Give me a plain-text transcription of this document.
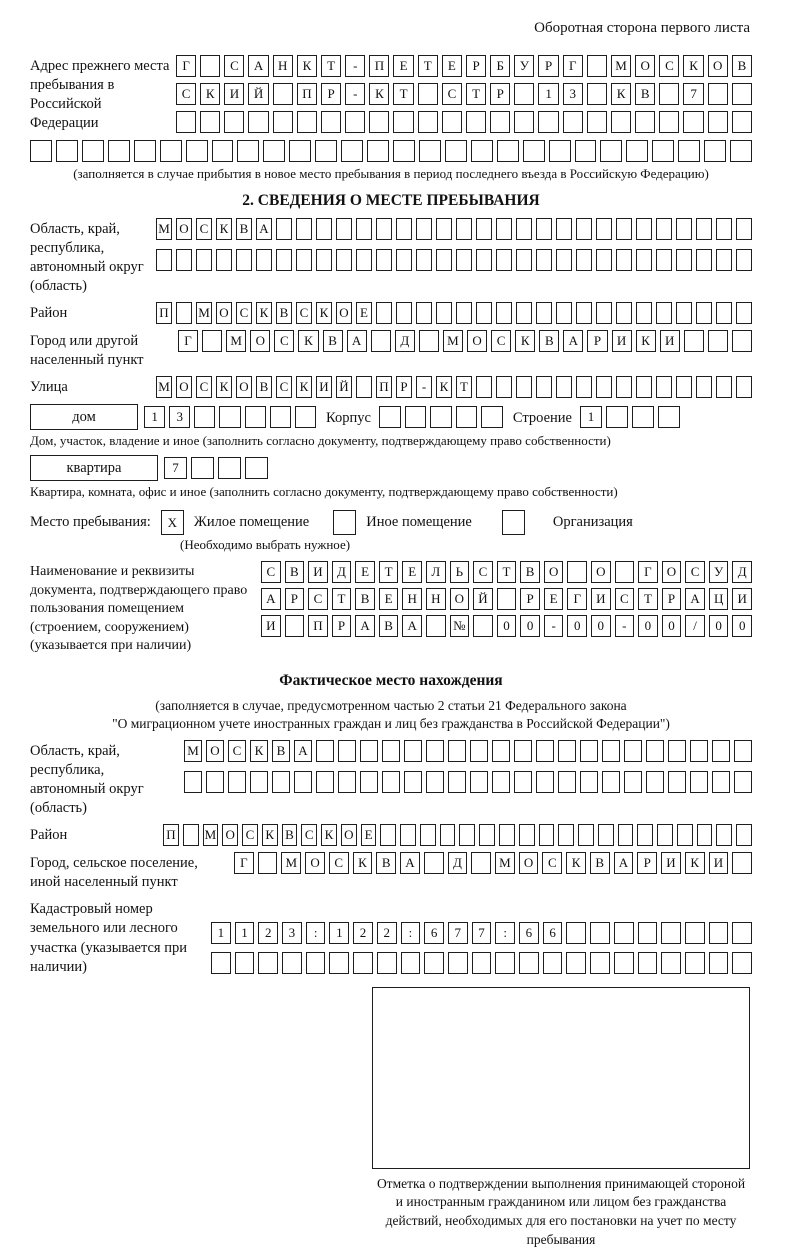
Оборотная сторона первого листа
Адрес прежнего места пребывания в Российской Федерации
Г	С	А	Н	К	Т	-	П	Е	Т	Е	Р	Б	У	Р	Г	М	О	С	К	О	В
С	К	И	Й	П	Р	-	К	Т	С	Т	Р	1	3	К	В	7
(заполняется в случае прибытия в новое место пребывания в период последнего въезда в Российскую Федерацию)
2. СВЕДЕНИЯ О МЕСТЕ ПРЕБЫВАНИЯ
Область, край, республика, автономный округ (область)
М О С К В А
Район	П М О С К В С К О Е
Город или другой населенный пункт
Г	М	О	С	К	В	А	Д	М	О	С	К	В	А	Р	И	К	И
Улица	М О С К О В С К И Й П Р	-	К Т
дом	1	3	Корпус	Строение	1
Дом, участок, владение и иное (заполнить согласно документу, подтверждающему право собственности)
квартира	7
Квартира, комната, офис и иное (заполнить согласно документу, подтверждающему право собственности)
Место пребывания:	X	Жилое помещение	Иное помещение	Организация
(Необходимо выбрать нужное)
Наименование и реквизиты документа, подтверждающего право пользования помещением (строением, сооружением) (указывается при наличии)
С	В	И	Д	Е	Т	Е	Л	Ь	С	Т	В	О	О	Г	О	С	У	Д
А	Р	С	Т	В	Е	Н	Н	О	Й	Р	Е	Г	И	С	Т	Р	А	Ц	И
И	П	Р	А	В	А	№	0	0	-	0	0	-	0	0	/	0	0
Фактическое место нахождения
(заполняется в случае, предусмотренном частью 2 статьи 21 Федерального закона
"О миграционном учете иностранных граждан и лиц без гражданства в Российской Федерации")
Область, край, республика, автономный округ (область)
М О С	К	В А
Район	П М О С К В С К О Е
Город, сельское поселение, иной населенный пункт
Г	М	О	С	К	В	А	Д	М	О	С	К	В	А	Р	И	К	И
Кадастровый номер земельного или лесного участка (указывается при наличии)
1	1	2	3	:	1	2	2	:	6	7	7	:	6	6
Отметка о подтверждении выполнения принимающей стороной и иностранным гражданином или лицом без гражданства действий, необходимых для его постановки на учет по месту пребывания
